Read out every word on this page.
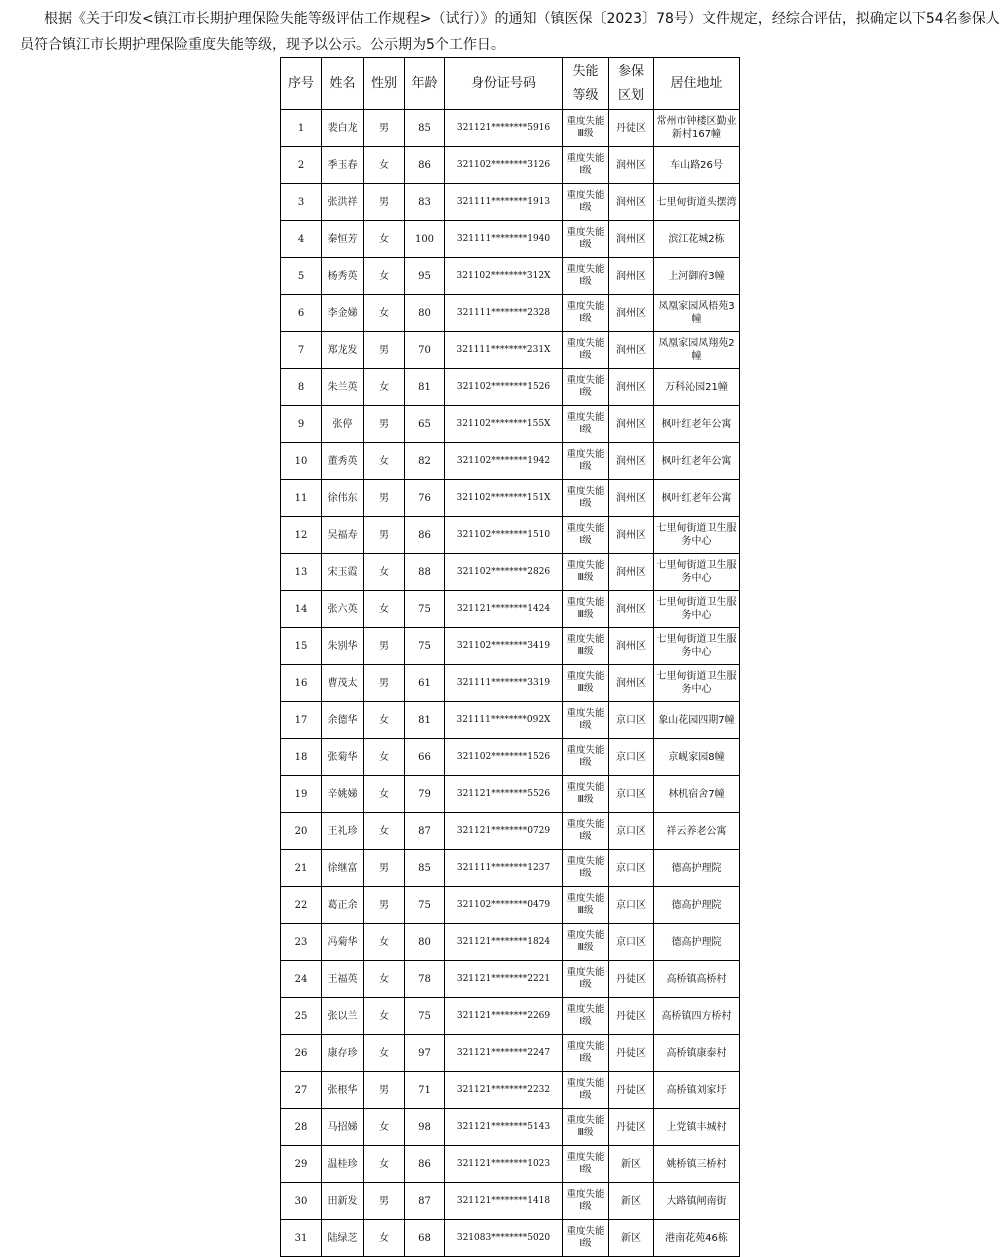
根据《关于印发<镇江市长期护理保险失能等级评估工作规程>（试行）》的通知（镇医保〔2023〕78号）文件规定，经综合评估，拟确定以下54名参保人员符合镇江市长期护理保险重度失能等级，现予以公示。公示期为5个工作日。
序号	姓名	性别	年龄	身份证号码	失能
等级	参保
区划	居住地址
1	裴白龙	男	85	321121********5916	重度失能
Ⅲ级	丹徒区	常州市钟楼区勤业新村167幢
2	季玉春	女	86	321102********3126	重度失能
Ⅰ级	润州区	车山路26号
3	张洪祥	男	83	321111********1913	重度失能
Ⅰ级	润州区	七里甸街道头摆湾
4	秦恒芳	女	100	321111********1940	重度失能
Ⅰ级	润州区	滨江花城2栋
5	杨秀英	女	95	321102********312X	重度失能
Ⅰ级	润州区	上河御府3幢
6	李金娣	女	80	321111********2328	重度失能
Ⅰ级	润州区	凤凰家园风梧苑3幢
7	郑龙发	男	70	321111********231X	重度失能
Ⅰ级	润州区	凤凰家园凤翔苑2幢
8	朱兰英	女	81	321102********1526	重度失能
Ⅰ级	润州区	万科沁园21幢
9	张停	男	65	321102********155X	重度失能
Ⅰ级	润州区	枫叶红老年公寓
10	董秀英	女	82	321102********1942	重度失能
Ⅰ级	润州区	枫叶红老年公寓
11	徐伟东	男	76	321102********151X	重度失能
Ⅰ级	润州区	枫叶红老年公寓
12	吴福寿	男	86	321102********1510	重度失能
Ⅰ级	润州区	七里甸街道卫生服务中心
13	宋玉霞	女	88	321102********2826	重度失能
Ⅲ级	润州区	七里甸街道卫生服务中心
14	张六英	女	75	321121********1424	重度失能
Ⅲ级	润州区	七里甸街道卫生服务中心
15	朱别华	男	75	321102********3419	重度失能
Ⅲ级	润州区	七里甸街道卫生服务中心
16	曹茂太	男	61	321111********3319	重度失能
Ⅲ级	润州区	七里甸街道卫生服务中心
17	余德华	女	81	321111********092X	重度失能
Ⅰ级	京口区	象山花园四期7幢
18	张菊华	女	66	321102********1526	重度失能
Ⅰ级	京口区	京岘家园8幢
19	辛姚娣	女	79	321121********5526	重度失能
Ⅲ级	京口区	林机宿舍7幢
20	王礼珍	女	87	321121********0729	重度失能
Ⅰ级	京口区	祥云养老公寓
21	徐继富	男	85	321111********1237	重度失能
Ⅰ级	京口区	德高护理院
22	葛正余	男	75	321102********0479	重度失能
Ⅲ级	京口区	德高护理院
23	冯菊华	女	80	321121********1824	重度失能
Ⅲ级	京口区	德高护理院
24	王福英	女	78	321121********2221	重度失能
Ⅰ级	丹徒区	高桥镇高桥村
25	张以兰	女	75	321121********2269	重度失能
Ⅰ级	丹徒区	高桥镇四方桥村
26	康存珍	女	97	321121********2247	重度失能
Ⅰ级	丹徒区	高桥镇康泰村
27	张根华	男	71	321121********2232	重度失能
Ⅰ级	丹徒区	高桥镇刘家圩
28	马招娣	女	98	321121********5143	重度失能
Ⅲ级	丹徒区	上党镇丰城村
29	温桂珍	女	86	321121********1023	重度失能
Ⅰ级	新区	姚桥镇三桥村
30	田新发	男	87	321121********1418	重度失能
Ⅰ级	新区	大路镇闸南街
31	陆绿芝	女	68	321083********5020	重度失能
Ⅰ级	新区	港南花苑46栋
